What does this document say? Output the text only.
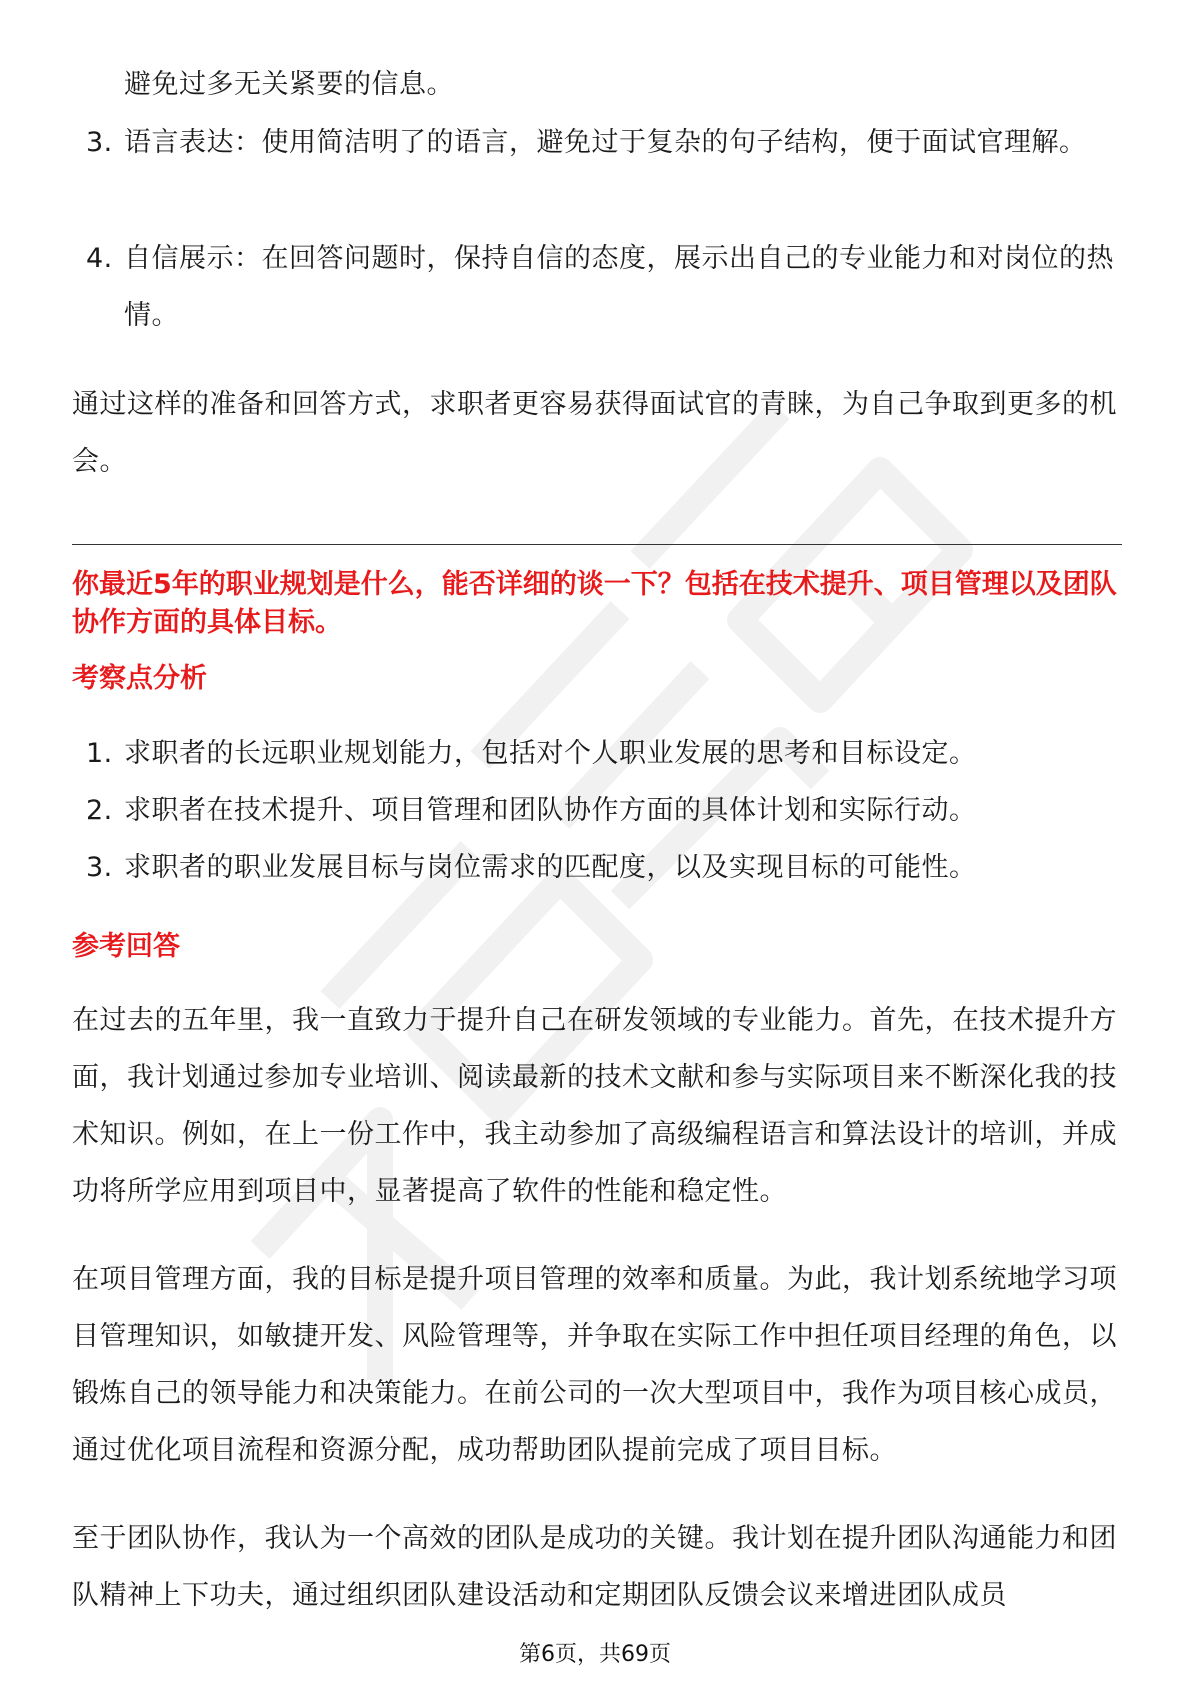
避免过多无关紧要的信息。

3. 语言表达：使用简洁明了的语言，避免过于复杂的句子结构，便于面试官理解。
4. 自信展示：在回答问题时，保持自信的态度，展示出自己的专业能力和对岗位的热情。

通过这样的准备和回答方式，求职者更容易获得面试官的青睐，为自己争取到更多的机会。

你最近5年的职业规划是什么，能否详细的谈一下？包括在技术提升、项目管理以及团队协作方面的具体目标。
考察点分析
1. 求职者的长远职业规划能力，包括对个人职业发展的思考和目标设定。
2. 求职者在技术提升、项目管理和团队协作方面的具体计划和实际行动。
3. 求职者的职业发展目标与岗位需求的匹配度，以及实现目标的可能性。
参考回答

在过去的五年里，我一直致力于提升自己在研发领域的专业能力。首先，在技术提升方面，我计划通过参加专业培训、阅读最新的技术文献和参与实际项目来不断深化我的技术知识。例如，在上一份工作中，我主动参加了高级编程语言和算法设计的培训，并成功将所学应用到项目中，显著提高了软件的性能和稳定性。

在项目管理方面，我的目标是提升项目管理的效率和质量。为此，我计划系统地学习项目管理知识，如敏捷开发、风险管理等，并争取在实际工作中担任项目经理的角色，以锻炼自己的领导能力和决策能力。在前公司的一次大型项目中，我作为项目核心成员，通过优化项目流程和资源分配，成功帮助团队提前完成了项目目标。

至于团队协作，我认为一个高效的团队是成功的关键。我计划在提升团队沟通能力和团队精神上下功夫，通过组织团队建设活动和定期团队反馈会议来增进团队成员

第6页，共69页
